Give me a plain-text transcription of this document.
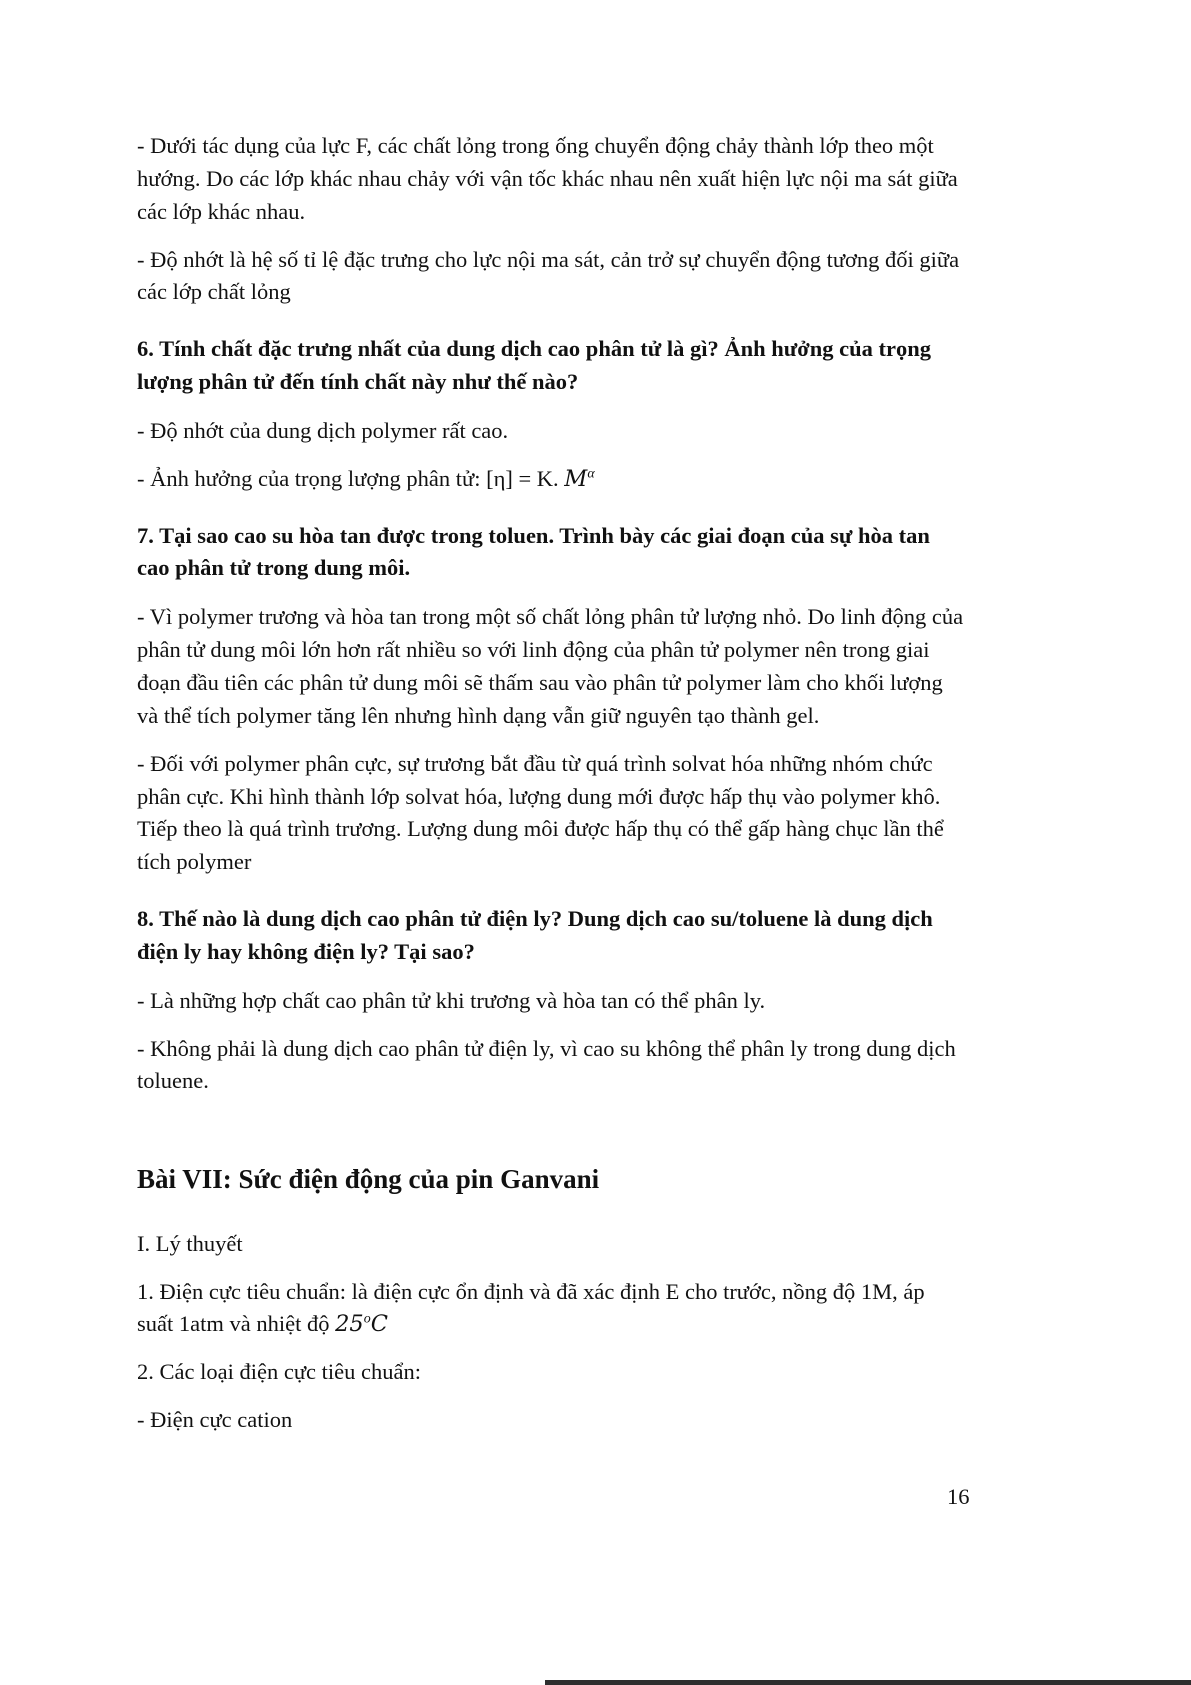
- Dưới tác dụng của lực F, các chất lỏng trong ống chuyển động chảy thành lớp theo một hướng. Do các lớp khác nhau chảy với vận tốc khác nhau nên xuất hiện lực nội ma sát giữa các lớp khác nhau.

- Độ nhớt là hệ số tỉ lệ đặc trưng cho lực nội ma sát, cản trở sự chuyển động tương đối giữa các lớp chất lỏng

6. Tính chất đặc trưng nhất của dung dịch cao phân tử là gì? Ảnh hưởng của trọng lượng phân tử đến tính chất này như thế nào?

- Độ nhớt của dung dịch polymer rất cao.

- Ảnh hưởng của trọng lượng phân tử: [η] = K. $M^\alpha$

7. Tại sao cao su hòa tan được trong toluen. Trình bày các giai đoạn của sự hòa tan cao phân tử trong dung môi.

- Vì polymer trương và hòa tan trong một số chất lỏng phân tử lượng nhỏ. Do linh động của phân tử dung môi lớn hơn rất nhiều so với linh động của phân tử polymer nên trong giai đoạn đầu tiên các phân tử dung môi sẽ thấm sau vào phân tử polymer làm cho khối lượng và thể tích polymer tăng lên nhưng hình dạng vẫn giữ nguyên tạo thành gel.

- Đối với polymer phân cực, sự trương bắt đầu từ quá trình solvat hóa những nhóm chức phân cực. Khi hình thành lớp solvat hóa, lượng dung mới được hấp thụ vào polymer khô. Tiếp theo là quá trình trương. Lượng dung môi được hấp thụ có thể gấp hàng chục lần thể tích polymer

8. Thế nào là dung dịch cao phân tử điện ly? Dung dịch cao su/toluene là dung dịch điện ly hay không điện ly? Tại sao?

- Là những hợp chất cao phân tử khi trương và hòa tan có thể phân ly.

- Không phải là dung dịch cao phân tử điện ly, vì cao su không thể phân ly trong dung dịch toluene.

Bài VII: Sức điện động của pin Ganvani

I. Lý thuyết

1. Điện cực tiêu chuẩn: là điện cực ổn định và đã xác định E cho trước, nồng độ 1M, áp suất 1atm và nhiệt độ 25$^o$C

2. Các loại điện cực tiêu chuẩn:

- Điện cực cation

16
